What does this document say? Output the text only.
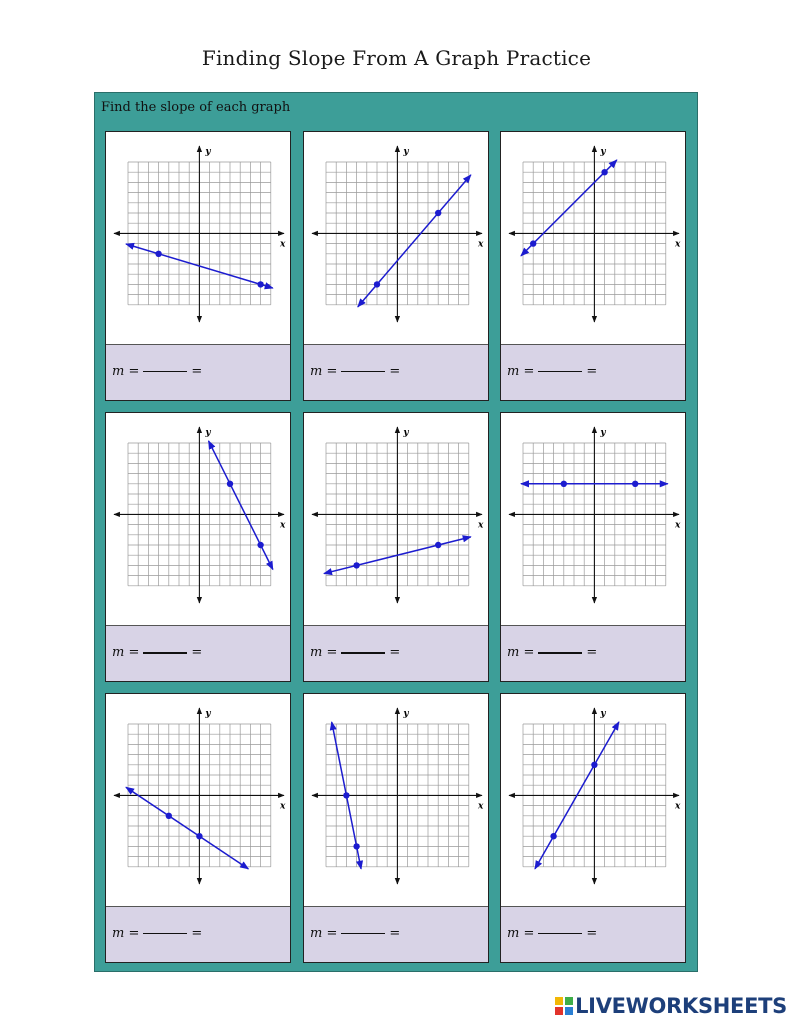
Finding Slope From A Graph Practice
Find the slope of each graph
x
y
m =	=
x
y
m =	=
x
y
m =	=
x
y
m =	=
x
y
m =	=
x
y
m =	=
x
y
m =	=
x
y
m =	=
x
y
m =	=
LIVEWORKSHEETS
